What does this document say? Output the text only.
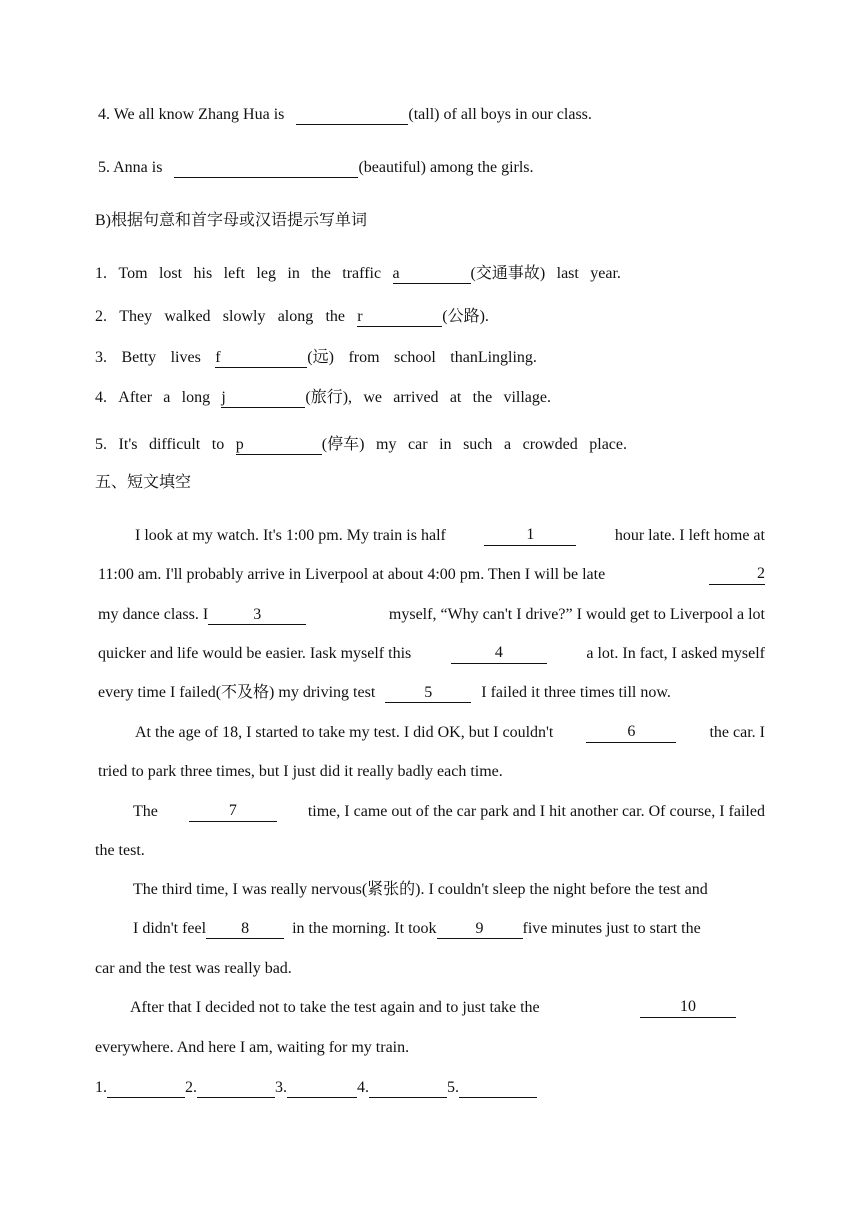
4. We all know Zhang Hua is	(tall) of all boys in our class.
5. Anna is	(beautiful) among the girls.
B)根据句意和首字母或汉语提示写单词
1. Tom lost his left leg in the traffic a	(交通事故) last year.
2. They walked slowly along the r	(公路).
3. Betty lives f	(远) from school thanLingling.
4. After a long j	(旅行), we arrived at the village.
5. It's difficult to p	(停车) my car in such a crowded place.
五、短文填空
I look at my watch. It's 1:00 pm. My train is half	1	hour late. I left home at
11:00 am. I'll probably arrive in Liverpool at about 4:00 pm. Then I will be late	2
my dance class. I	3	myself, “Why can't I drive?” I would get to Liverpool a lot
quicker and life would be easier. Iask myself this	4	a lot. In fact, I asked myself
every time I failed(不及格) my driving test	5	I failed it three times till now.
At the age of 18, I started to take my test. I did OK, but I couldn't	6	the car. I
tried to park three times, but I just did it really badly each time.
The	7	time, I came out of the car park and I hit another car. Of course, I failed
the test.
The third time, I was really nervous(紧张的). I couldn't sleep the night before the test and
I didn't feel 8	in the morning. It took 9 five minutes just to start the
car and the test was really bad.
After that I decided not to take the test again and to just take the	10
everywhere. And here I am, waiting for my train.
1.	2.	3.	4.	5.
